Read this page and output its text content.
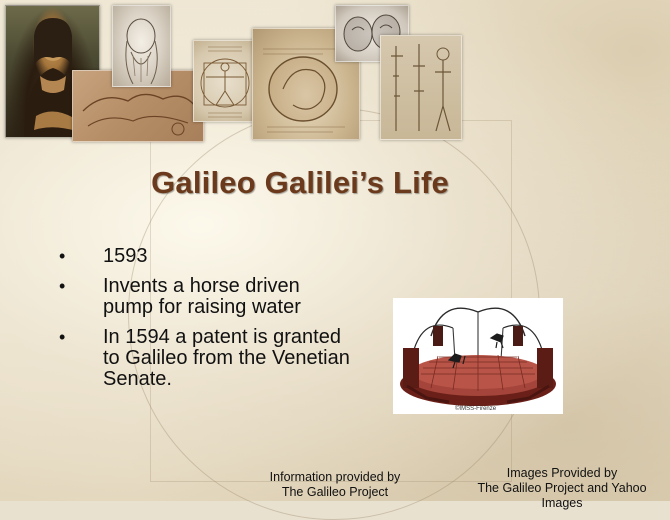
Galileo Galilei’s Life
• 1593
• Invents a horse driven pump for raising water
• In 1594 a patent is granted to Galileo from the Venetian Senate.
©IMSS-Firenze
Information provided by
The Galileo Project
Images Provided by
The Galileo Project and Yahoo Images
